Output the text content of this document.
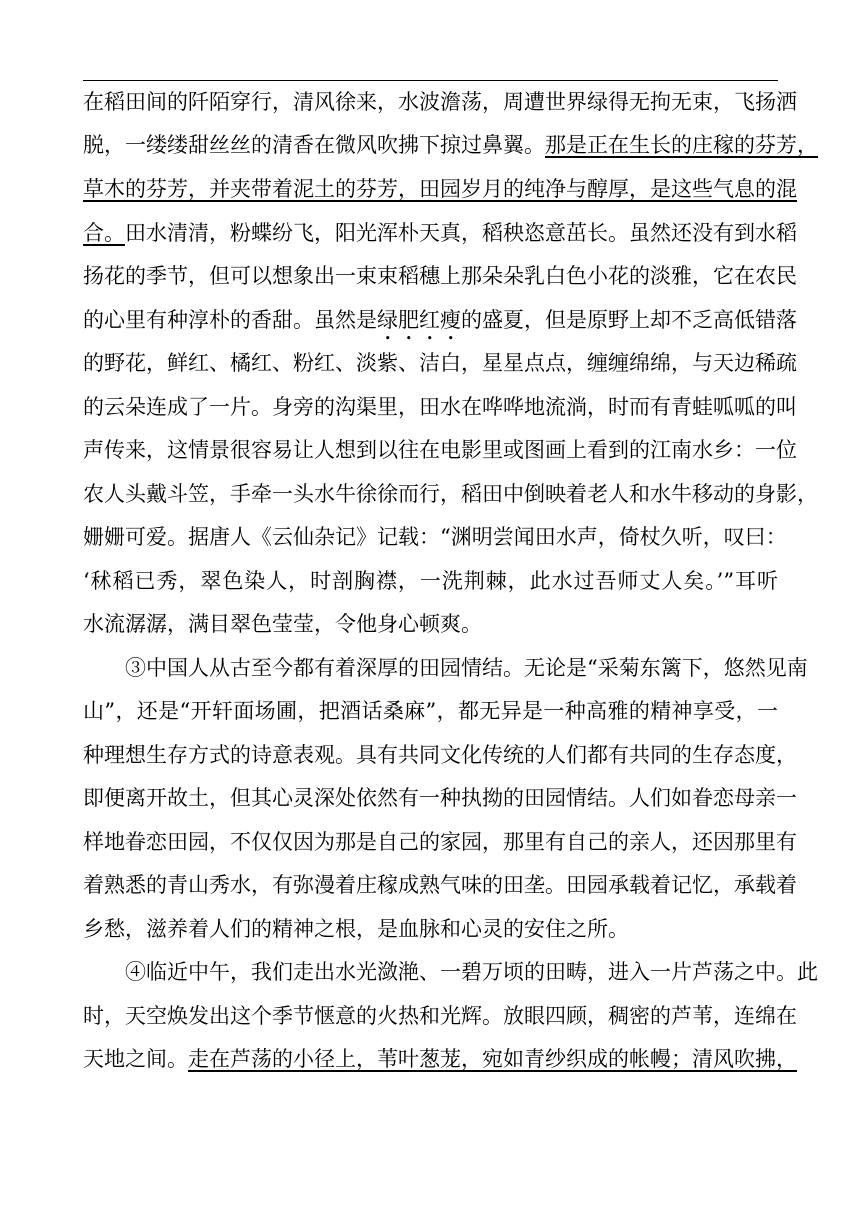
在稻田间的阡陌穿行，清风徐来，水波澹荡，周遭世界绿得无拘无束，飞扬洒
脱，一缕缕甜丝丝的清香在微风吹拂下掠过鼻翼。那是正在生长的庄稼的芬芳，
草木的芬芳，并夹带着泥土的芬芳，田园岁月的纯净与醇厚，是这些气息的混
合。田水清清，粉蝶纷飞，阳光浑朴天真，稻秧恣意茁长。虽然还没有到水稻
扬花的季节，但可以想象出一束束稻穗上那朵朵乳白色小花的淡雅，它在农民
的心里有种淳朴的香甜。虽然是绿肥红瘦的盛夏，但是原野上却不乏高低错落
的野花，鲜红、橘红、粉红、淡紫、洁白，星星点点，缠缠绵绵，与天边稀疏
的云朵连成了一片。身旁的沟渠里，田水在哗哗地流淌，时而有青蛙呱呱的叫
声传来，这情景很容易让人想到以往在电影里或图画上看到的江南水乡：一位
农人头戴斗笠，手牵一头水牛徐徐而行，稻田中倒映着老人和水牛移动的身影，
姗姗可爱。据唐人《云仙杂记》记载：“渊明尝闻田水声，倚杖久听，叹曰：
‘秫稻已秀，翠色染人，时剖胸襟，一洗荆棘，此水过吾师丈人矣。’”耳听
水流潺潺，满目翠色莹莹，令他身心顿爽。
③中国人从古至今都有着深厚的田园情结。无论是“采菊东篱下，悠然见南
山”，还是“开轩面场圃，把酒话桑麻”，都无异是一种高雅的精神享受，一
种理想生存方式的诗意表观。具有共同文化传统的人们都有共同的生存态度，
即便离开故土，但其心灵深处依然有一种执拗的田园情结。人们如眷恋母亲一
样地眷恋田园，不仅仅因为那是自己的家园，那里有自己的亲人，还因那里有
着熟悉的青山秀水，有弥漫着庄稼成熟气味的田垄。田园承载着记忆，承载着
乡愁，滋养着人们的精神之根，是血脉和心灵的安住之所。
④临近中午，我们走出水光潋滟、一碧万顷的田畴，进入一片芦荡之中。此
时，天空焕发出这个季节惬意的火热和光辉。放眼四顾，稠密的芦苇，连绵在
天地之间。走在芦荡的小径上，苇叶葱茏，宛如青纱织成的帐幔；清风吹拂，
